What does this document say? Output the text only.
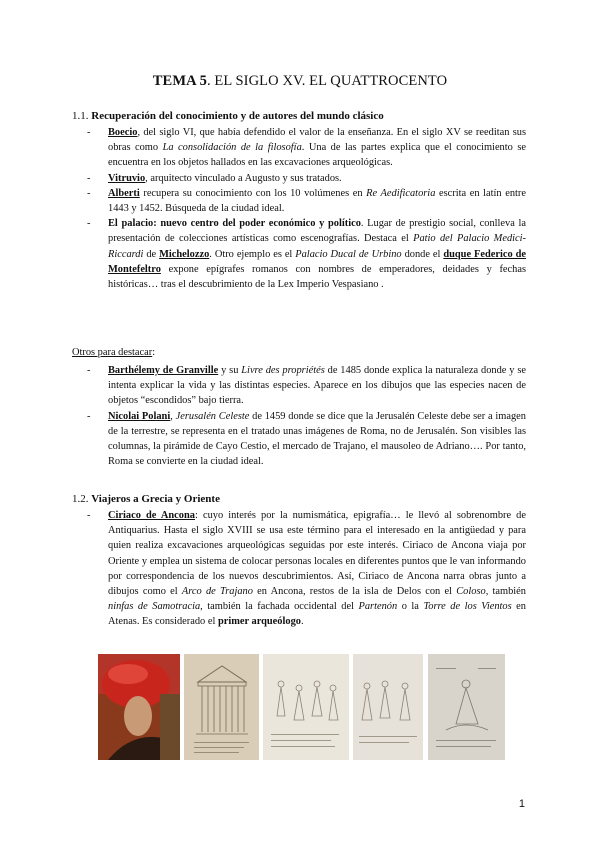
TEMA 5. EL SIGLO XV. EL QUATTROCENTO
1.1. Recuperación del conocimiento y de autores del mundo clásico
- Boecio, del siglo VI, que había defendido el valor de la enseñanza. En el siglo XV se reeditan sus obras como La consolidación de la filosofía. Una de las partes explica que el conocimiento se encuentra en los objetos hallados en las excavaciones arqueológicas.
- Vitruvio, arquitecto vinculado a Augusto y sus tratados.
- Alberti recupera su conocimiento con los 10 volúmenes en Re Aedificatoria escrita en latín entre 1443 y 1452. Búsqueda de la ciudad ideal.
- El palacio: nuevo centro del poder económico y político. Lugar de prestigio social, conlleva la presentación de colecciones artísticas como escenografías. Destaca el Patio del Palacio Medici-Riccardi de Michelozzo. Otro ejemplo es el Palacio Ducal de Urbino donde el duque Federico de Montefeltro expone epígrafes romanos con nombres de emperadores, deidades y fechas históricas… tras el descubrimiento de la Lex Imperio Vespasiano .
Otros para destacar:
- Barthélemy de Granville y su Livre des propriétés de 1485 donde explica la naturaleza donde y se intenta explicar la vida y las distintas especies. Aparece en los dibujos que las especies nacen de objetos “escondidos” bajo tierra.
- Nicolai Polani, Jerusalén Celeste de 1459 donde se dice que la Jerusalén Celeste debe ser a imagen de la terrestre, se representa en el tratado unas imágenes de Roma, no de Jerusalén. Son visibles las columnas, la pirámide de Cayo Cestio, el mercado de Trajano, el mausoleo de Adriano…. Por tanto, Roma se convierte en la ciudad ideal.
1.2. Viajeros a Grecia y Oriente
- Ciriaco de Ancona: cuyo interés por la numismática, epigrafía… le llevó al sobrenombre de Antiquarius. Hasta el siglo XVIII se usa este término para el interesado en la antigüedad y para quien realiza excavaciones arqueológicas seguidas por este interés. Ciriaco de Ancona viaja por Oriente y emplea un sistema de colocar personas locales en diferentes puntos que le van informando por correspondencia de los nuevos descubrimientos. Así, Ciriaco de Ancona narra obras junto a dibujos como el Arco de Trajano en Ancona, restos de la isla de Delos con el Coloso, también ninfas de Samotracia, también la fachada occidental del Partenón o la Torre de los Vientos en Atenas. Es considerado el primer arqueólogo.
1
